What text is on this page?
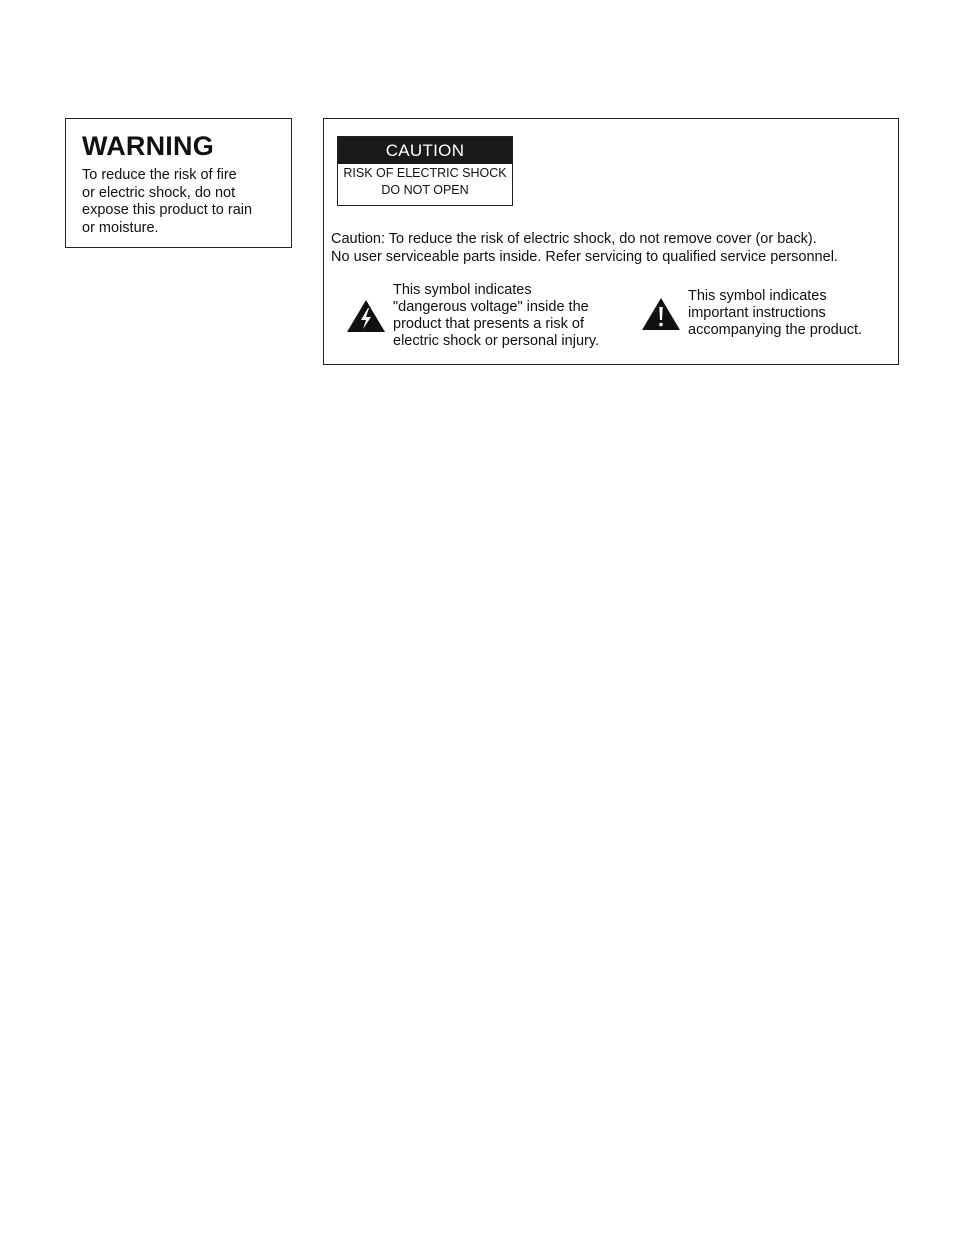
WARNING

To reduce the risk of fire
or electric shock, do not
expose this product to rain
or moisture.

CAUTION
RISK OF ELECTRIC SHOCK
DO NOT OPEN

Caution: To reduce the risk of electric shock, do not remove cover (or back).
No user serviceable parts inside. Refer servicing to qualified service personnel.

This symbol indicates
"dangerous voltage" inside the
product that presents a risk of
electric shock or personal injury.
This symbol indicates
important instructions
accompanying the product.
